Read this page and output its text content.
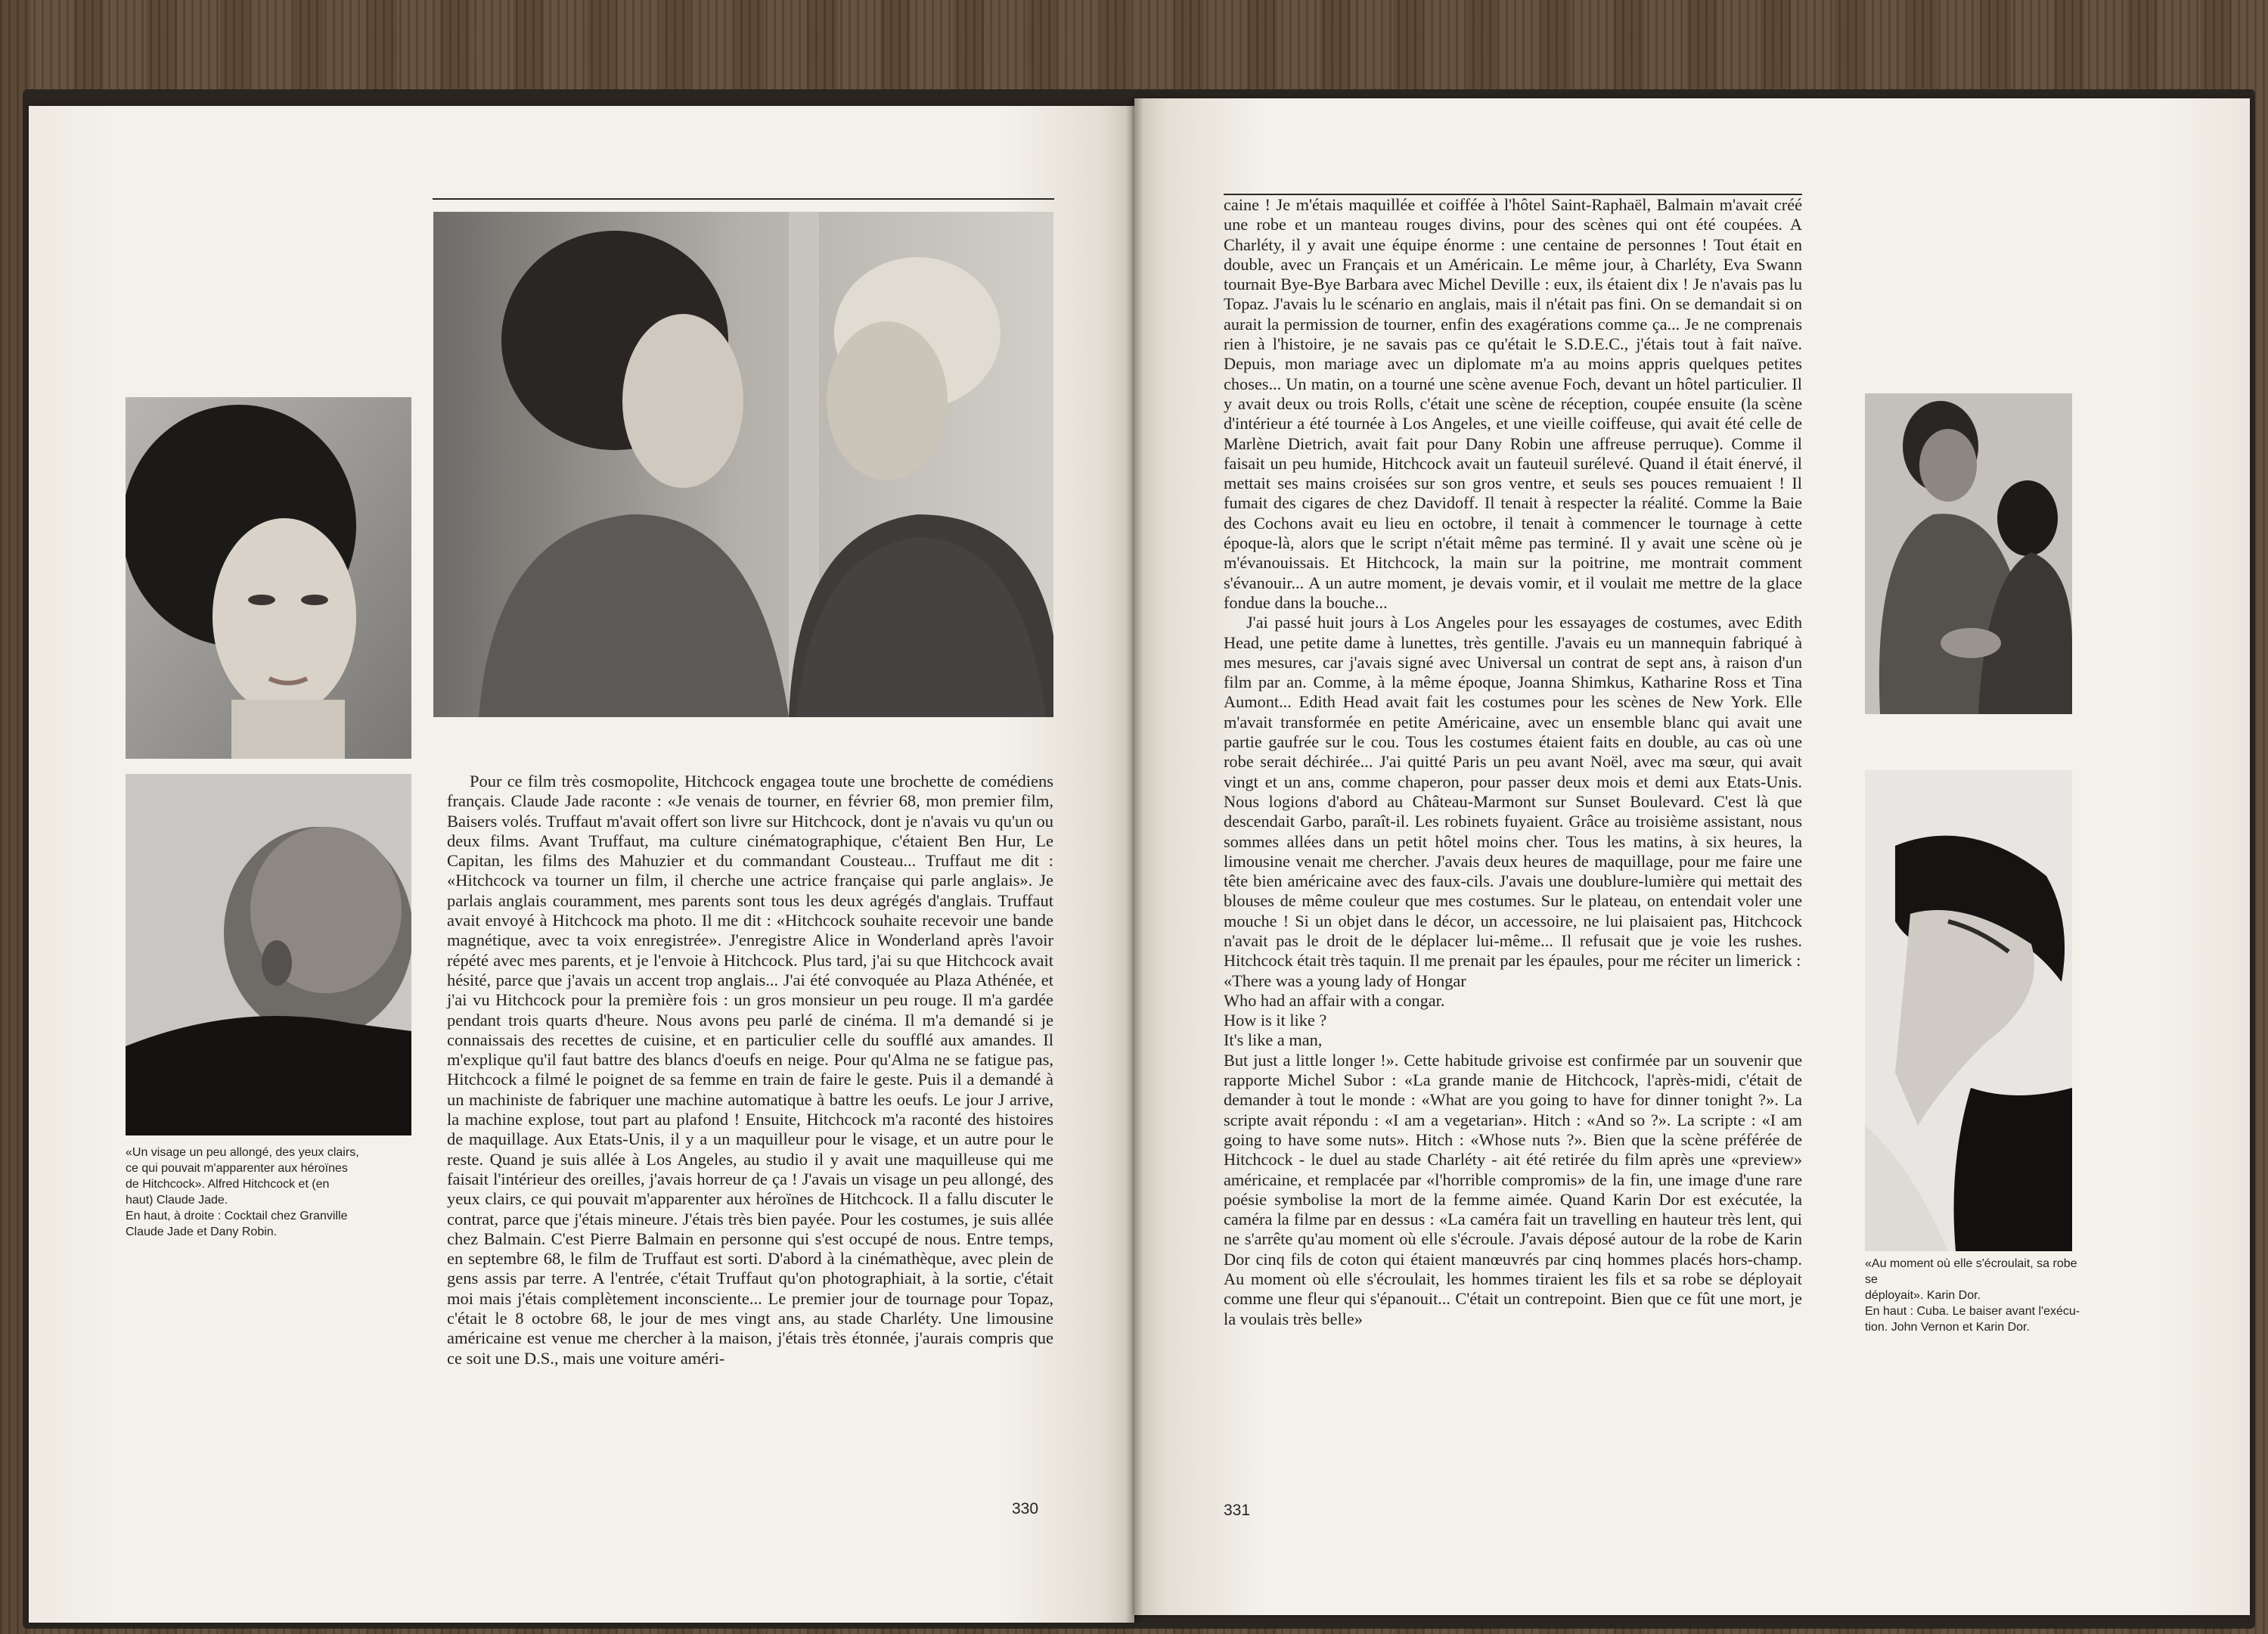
«Un visage un peu allongé, des yeux clairs,
ce qui pouvait m'apparenter aux héroïnes
de Hitchcock». Alfred Hitchcock et (en
haut) Claude Jade.
En haut, à droite : Cocktail chez Granville
Claude Jade et Dany Robin.

Pour ce film très cosmopolite, Hitchcock engagea toute une brochette de comédiens français. Claude Jade raconte : «Je venais de tourner, en février 68, mon premier film, Baisers volés. Truffaut m'avait offert son livre sur Hitchcock, dont je n'avais vu qu'un ou deux films. Avant Truffaut, ma culture cinématographique, c'étaient Ben Hur, Le Capitan, les films des Mahuzier et du commandant Cousteau... Truffaut me dit : «Hitchcock va tourner un film, il cherche une actrice française qui parle anglais». Je parlais anglais couramment, mes parents sont tous les deux agrégés d'anglais. Truffaut avait envoyé à Hitchcock ma photo. Il me dit : «Hitchcock souhaite recevoir une bande magnétique, avec ta voix enregistrée». J'enregistre Alice in Wonderland après l'avoir répété avec mes parents, et je l'envoie à Hitchcock. Plus tard, j'ai su que Hitchcock avait hésité, parce que j'avais un accent trop anglais... J'ai été convoquée au Plaza Athénée, et j'ai vu Hitchcock pour la première fois : un gros monsieur un peu rouge. Il m'a gardée pendant trois quarts d'heure. Nous avons peu parlé de cinéma. Il m'a demandé si je connaissais des recettes de cuisine, et en particulier celle du soufflé aux amandes. Il m'explique qu'il faut battre des blancs d'oeufs en neige. Pour qu'Alma ne se fatigue pas, Hitchcock a filmé le poignet de sa femme en train de faire le geste. Puis il a demandé à un machiniste de fabriquer une machine automatique à battre les oeufs. Le jour J arrive, la machine explose, tout part au plafond ! Ensuite, Hitchcock m'a raconté des histoires de maquillage. Aux Etats-Unis, il y a un maquilleur pour le visage, et un autre pour le reste. Quand je suis allée à Los Angeles, au studio il y avait une maquilleuse qui me faisait l'intérieur des oreilles, j'avais horreur de ça ! J'avais un visage un peu allongé, des yeux clairs, ce qui pouvait m'apparenter aux héroïnes de Hitchcock. Il a fallu discuter le contrat, parce que j'étais mineure. J'étais très bien payée. Pour les costumes, je suis allée chez Balmain. C'est Pierre Balmain en personne qui s'est occupé de nous. Entre temps, en septembre 68, le film de Truffaut est sorti. D'abord à la cinémathèque, avec plein de gens assis par terre. A l'entrée, c'était Truffaut qu'on photographiait, à la sortie, c'était moi mais j'étais complètement inconsciente... Le premier jour de tournage pour Topaz, c'était le 8 octobre 68, le jour de mes vingt ans, au stade Charléty. Une limousine américaine est venue me chercher à la maison, j'étais très étonnée, j'aurais compris que ce soit une D.S., mais une voiture améri-

330

caine ! Je m'étais maquillée et coiffée à l'hôtel Saint-Raphaël, Balmain m'avait créé une robe et un manteau rouges divins, pour des scènes qui ont été coupées. A Charléty, il y avait une équipe énorme : une centaine de personnes ! Tout était en double, avec un Français et un Américain. Le même jour, à Charléty, Eva Swann tournait Bye-Bye Barbara avec Michel Deville : eux, ils étaient dix ! Je n'avais pas lu Topaz. J'avais lu le scénario en anglais, mais il n'était pas fini. On se demandait si on aurait la permission de tourner, enfin des exagérations comme ça... Je ne comprenais rien à l'histoire, je ne savais pas ce qu'était le S.D.E.C., j'étais tout à fait naïve. Depuis, mon mariage avec un diplomate m'a au moins appris quelques petites choses... Un matin, on a tourné une scène avenue Foch, devant un hôtel particulier. Il y avait deux ou trois Rolls, c'était une scène de réception, coupée ensuite (la scène d'intérieur a été tournée à Los Angeles, et une vieille coiffeuse, qui avait été celle de Marlène Dietrich, avait fait pour Dany Robin une affreuse perruque). Comme il faisait un peu humide, Hitchcock avait un fauteuil surélevé. Quand il était énervé, il mettait ses mains croisées sur son gros ventre, et seuls ses pouces remuaient ! Il fumait des cigares de chez Davidoff. Il tenait à respecter la réalité. Comme la Baie des Cochons avait eu lieu en octobre, il tenait à commencer le tournage à cette époque-là, alors que le script n'était même pas terminé. Il y avait une scène où je m'évanouissais. Et Hitchcock, la main sur la poitrine, me montrait comment s'évanouir... A un autre moment, je devais vomir, et il voulait me mettre de la glace fondue dans la bouche...

J'ai passé huit jours à Los Angeles pour les essayages de costumes, avec Edith Head, une petite dame à lunettes, très gentille. J'avais eu un mannequin fabriqué à mes mesures, car j'avais signé avec Universal un contrat de sept ans, à raison d'un film par an. Comme, à la même époque, Joanna Shimkus, Katharine Ross et Tina Aumont... Edith Head avait fait les costumes pour les scènes de New York. Elle m'avait transformée en petite Américaine, avec un ensemble blanc qui avait une partie gaufrée sur le cou. Tous les costumes étaient faits en double, au cas où une robe serait déchirée... J'ai quitté Paris un peu avant Noël, avec ma sœur, qui avait vingt et un ans, comme chaperon, pour passer deux mois et demi aux Etats-Unis. Nous logions d'abord au Château-Marmont sur Sunset Boulevard. C'est là que descendait Garbo, paraît-il. Les robinets fuyaient. Grâce au troisième assistant, nous sommes allées dans un petit hôtel moins cher. Tous les matins, à six heures, la limousine venait me chercher. J'avais deux heures de maquillage, pour me faire une tête bien américaine avec des faux-cils. J'avais une doublure-lumière qui mettait des blouses de même couleur que mes costumes. Sur le plateau, on entendait voler une mouche ! Si un objet dans le décor, un accessoire, ne lui plaisaient pas, Hitchcock n'avait pas le droit de le déplacer lui-même... Il refusait que je voie les rushes. Hitchcock était très taquin. Il me prenait par les épaules, pour me réciter un limerick :

«There was a young lady of Hongar
Who had an affair with a congar.
How is it like ?
It's like a man,

But just a little longer !». Cette habitude grivoise est confirmée par un souvenir que rapporte Michel Subor : «La grande manie de Hitchcock, l'après-midi, c'était de demander à tout le monde : «What are you going to have for dinner tonight ?». La scripte avait répondu : «I am a vegetarian». Hitch : «And so ?». La scripte : «I am going to have some nuts». Hitch : «Whose nuts ?». Bien que la scène préférée de Hitchcock - le duel au stade Charléty - ait été retirée du film après une «preview» américaine, et remplacée par «l'horrible compromis» de la fin, une image d'une rare poésie symbolise la mort de la femme aimée. Quand Karin Dor est exécutée, la caméra la filme par en dessus : «La caméra fait un travelling en hauteur très lent, qui ne s'arrête qu'au moment où elle s'écroule. J'avais déposé autour de la robe de Karin Dor cinq fils de coton qui étaient manœuvrés par cinq hommes placés hors-champ. Au moment où elle s'écroulait, les hommes tiraient les fils et sa robe se déployait comme une fleur qui s'épanouit... C'était un contrepoint. Bien que ce fût une mort, je la voulais très belle»

«Au moment où elle s'écroulait, sa robe se
déployait». Karin Dor.
En haut : Cuba. Le baiser avant l'exécu-
tion. John Vernon et Karin Dor.
331
